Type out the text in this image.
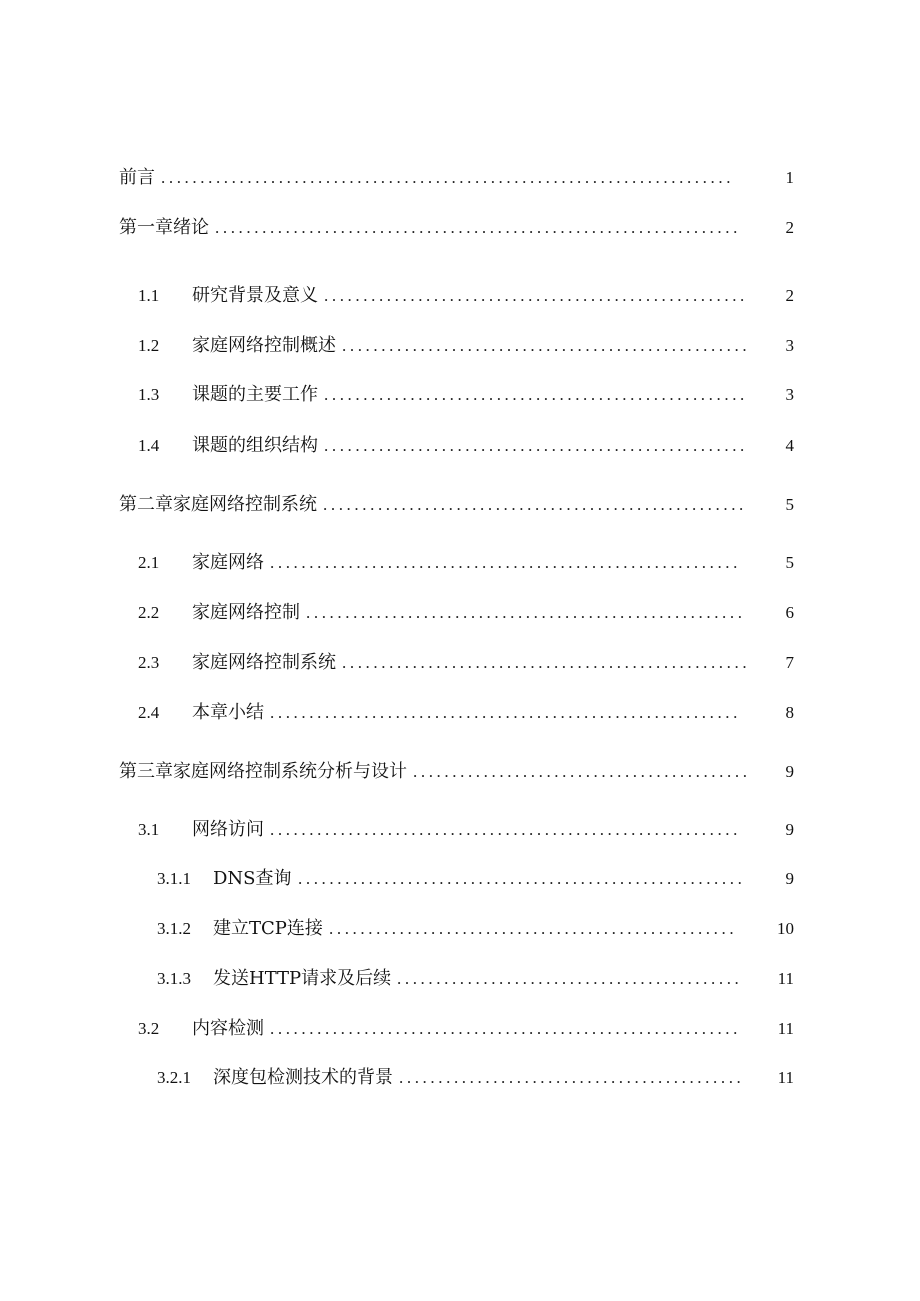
前言 .........................................................................	1
第一章绪论 ...................................................................	2
1.1 研究背景及意义 ......................................................	2
1.2 家庭网络控制概述 ....................................................	3
1.3 课题的主要工作 ......................................................	3
1.4 课题的组织结构 ......................................................	4
第二章家庭网络控制系统 ......................................................	5
2.1 家庭网络 ............................................................	5
2.2 家庭网络控制 ........................................................	6
2.3 家庭网络控制系统 ....................................................	7
2.4 本章小结 ............................................................	8
第三章家庭网络控制系统分析与设计 ...........................................	9
3.1 网络访问 ............................................................	9
3.1.1 DNS查询 .........................................................	9
3.1.2 建立TCP连接 ....................................................	10
3.1.3 发送HTTP请求及后续 ............................................	11
3.2 内容检测 ............................................................	11
3.2.1 深度包检测技术的背景 ............................................	11
